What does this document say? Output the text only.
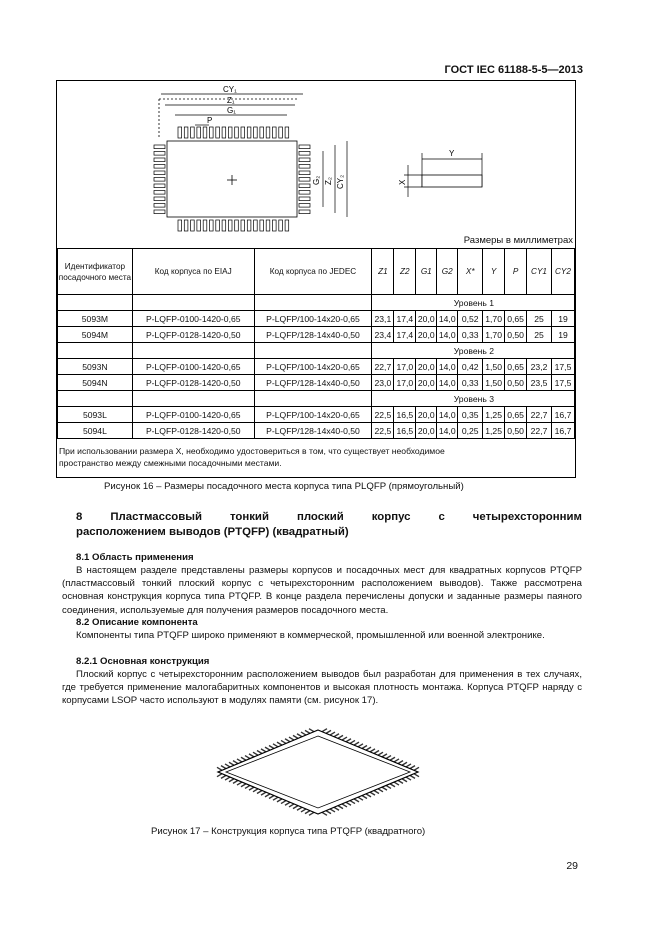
ГОСТ IEC 61188-5-5—2013
CY₁
Z₁
G₁
P
G₂ Z₂ CY₂
Y
X
Размеры в миллиметрах
Идентификатор посадочного места	Код корпуса по EIAJ	Код корпуса по JEDEC	Z1	Z2	G1	G2	X*	Y	P	CY1	CY2
			Уровень 1								
5093M	P-LQFP-0100-1420-0,65	P-LQFP/100-14x20-0,65	23,1	17,4	20,0	14,0	0,52	1,70	0,65	25	19
5094M	P-LQFP-0128-1420-0,50	P-LQFP/128-14x40-0,50	23,4	17,4	20,0	14,0	0,33	1,70	0,50	25	19
			Уровень 2								
5093N	P-LQFP-0100-1420-0,65	P-LQFP/100-14x20-0,65	22,7	17,0	20,0	14,0	0,42	1,50	0,65	23,2	17,5
5094N	P-LQFP-0128-1420-0,50	P-LQFP/128-14x40-0,50	23,0	17,0	20,0	14,0	0,33	1,50	0,50	23,5	17,5
			Уровень 3								
5093L	P-LQFP-0100-1420-0,65	P-LQFP/100-14x20-0,65	22,5	16,5	20,0	14,0	0,35	1,25	0,65	22,7	16,7
5094L	P-LQFP-0128-1420-0,50	P-LQFP/128-14x40-0,50	22,5	16,5	20,0	14,0	0,25	1,25	0,50	22,7	16,7
При использовании размера X, необходимо удостовериться в том, что существует необходимое
пространство между смежными посадочными местами.
Рисунок 16 – Размеры посадочного места корпуса типа PLQFP (прямоугольный)
8 Пластмассовый тонкий плоский корпус с четырехсторонним
расположением выводов (PTQFP) (квадратный)
8.1 Область применения
В настоящем разделе представлены размеры корпусов и посадочных мест для квадратных корпусов PTQFP (пластмассовый тонкий плоский корпус с четырехсторонним расположением выводов). Также рассмотрена основная конструкция корпуса типа PTQFP. В конце раздела перечислены допуски и заданные размеры паяного соединения, используемые для получения размеров посадочного места.
8.2 Описание компонента
Компоненты типа PTQFP широко применяют в коммерческой, промышленной или военной электронике.
8.2.1 Основная конструкция
Плоский корпус с четырехсторонним расположением выводов был разработан для применения в тех случаях, где требуется применение малогабаритных компонентов и высокая плотность монтажа. Корпуса PTQFP наряду с корпусами LSOP часто используют в модулях памяти (см. рисунок 17).
Рисунок 17 – Конструкция корпуса типа PTQFP (квадратного)
29
